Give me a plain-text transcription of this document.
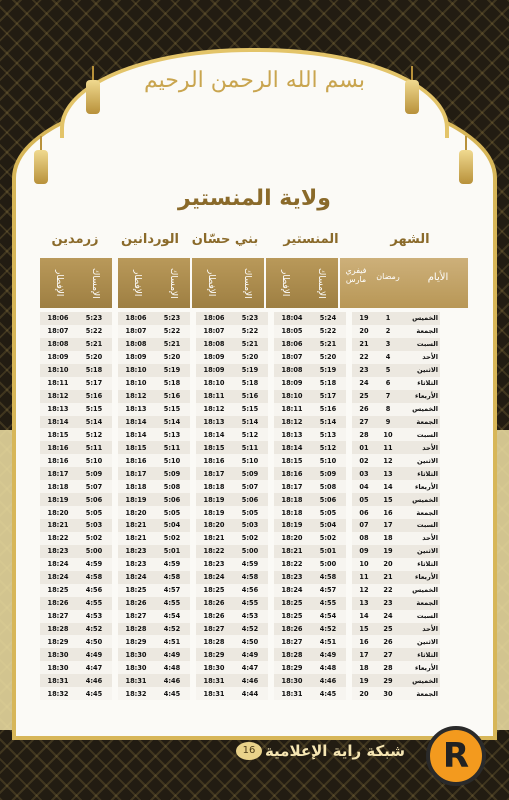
بسم الله الرحمن الرحيم
ولاية المنستير
الشهر
المنستير
بني حسّان
الوردانين
زرمدين
الإفطار	الإمساك	الإفطار	الإمساك	الإفطار	الإمساك	الإفطار	الإمساك	فيفري مارس	رمضان	الأيام
18:06	5:23		18:06	5:23		18:06	5:23		18:04	5:24		19	1	الخميس
18:07	5:22		18:07	5:22		18:07	5:22		18:05	5:22		20	2	الجمعة
18:08	5:21		18:08	5:21		18:08	5:21		18:06	5:21		21	3	السبت
18:09	5:20		18:09	5:20		18:09	5:20		18:07	5:20		22	4	الأحد
18:10	5:18		18:10	5:19		18:09	5:19		18:08	5:19		23	5	الاثنين
18:11	5:17		18:10	5:18		18:10	5:18		18:09	5:18		24	6	الثلاثاء
18:12	5:16		18:12	5:16		18:11	5:16		18:10	5:17		25	7	الأربعاء
18:13	5:15		18:13	5:15		18:12	5:15		18:11	5:16		26	8	الخميس
18:14	5:14		18:14	5:14		18:13	5:14		18:12	5:14		27	9	الجمعة
18:15	5:12		18:14	5:13		18:14	5:12		18:13	5:13		28	10	السبت
18:16	5:11		18:15	5:11		18:15	5:11		18:14	5:12		01	11	الأحد
18:16	5:10		18:16	5:10		18:16	5:10		18:15	5:10		02	12	الاثنين
18:17	5:09		18:17	5:09		18:17	5:09		18:16	5:09		03	13	الثلاثاء
18:18	5:07		18:18	5:08		18:18	5:07		18:17	5:08		04	14	الأربعاء
18:19	5:06		18:19	5:06		18:19	5:06		18:18	5:06		05	15	الخميس
18:20	5:05		18:20	5:05		18:19	5:05		18:18	5:05		06	16	الجمعة
18:21	5:03		18:21	5:04		18:20	5:03		18:19	5:04		07	17	السبت
18:22	5:02		18:21	5:02		18:21	5:02		18:20	5:02		08	18	الأحد
18:23	5:00		18:23	5:01		18:22	5:00		18:21	5:01		09	19	الاثنين
18:24	4:59		18:23	4:59		18:23	4:59		18:22	5:00		10	20	الثلاثاء
18:24	4:58		18:24	4:58		18:24	4:58		18:23	4:58		11	21	الأربعاء
18:25	4:56		18:25	4:57		18:25	4:56		18:24	4:57		12	22	الخميس
18:26	4:55		18:26	4:55		18:26	4:55		18:25	4:55		13	23	الجمعة
18:27	4:53		18:27	4:54		18:26	4:53		18:25	4:54		14	24	السبت
18:28	4:52		18:28	4:52		18:27	4:52		18:26	4:52		15	25	الأحد
18:29	4:50		18:29	4:51		18:28	4:50		18:27	4:51		16	26	الاثنين
18:30	4:49		18:30	4:49		18:29	4:49		18:28	4:49		17	27	الثلاثاء
18:30	4:47		18:30	4:48		18:30	4:47		18:29	4:48		18	28	الأربعاء
18:31	4:46		18:31	4:46		18:31	4:46		18:30	4:46		19	29	الخميس
18:32	4:45		18:32	4:45		18:31	4:44		18:31	4:45		20	30	الجمعة
16 شبكة راية الإعلامية	R
